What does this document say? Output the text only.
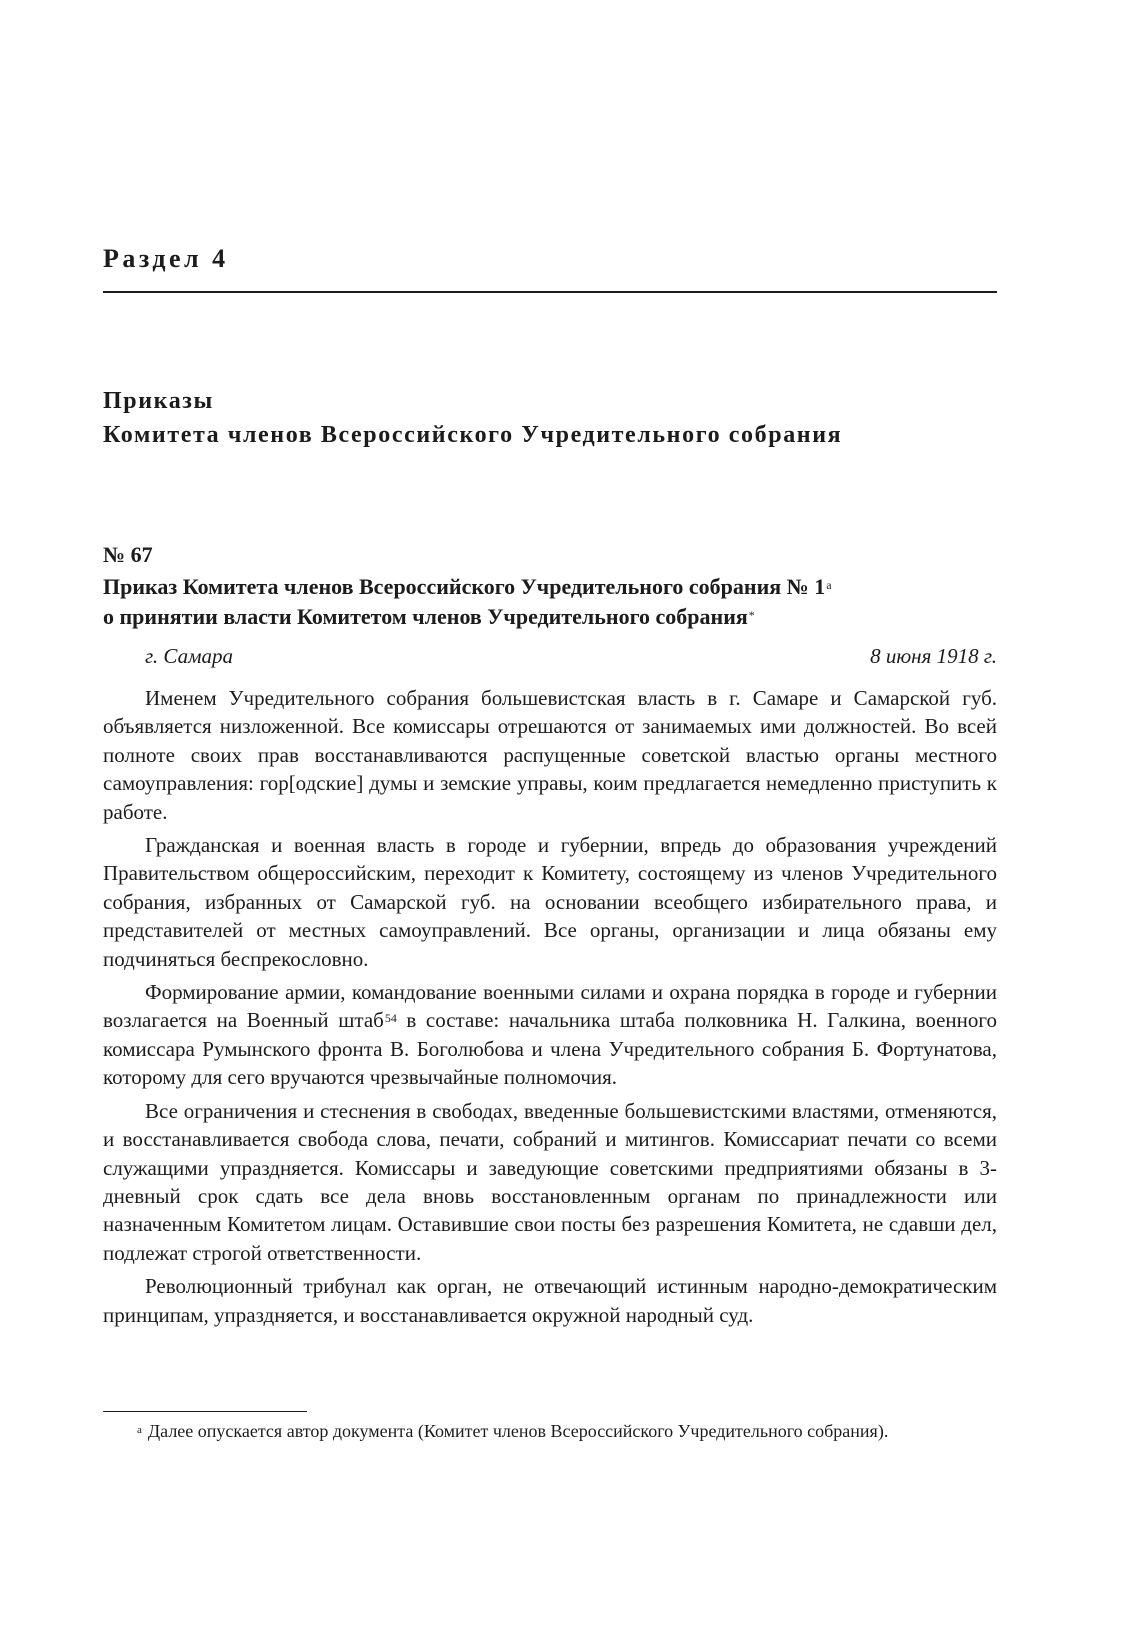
Раздел 4
Приказы
Комитета членов Всероссийского Учредительного собрания
№ 67
Приказ Комитета членов Всероссийского Учредительного собрания № $1^а$
о принятии власти Комитетом членов Учредительного собрания*
г. Самара	8 июня 1918 г.

Именем Учредительного собрания большевистская власть в г. Самаре и Самарской губ. объявляется низложенной. Все комиссары отрешаются от занимаемых ими должностей. Во всей полноте своих прав восстанавливаются распущенные советской властью органы местного самоуправления: гор[одские] думы и земские управы, коим предлагается немедленно приступить к работе.

Гражданская и военная власть в городе и губернии, впредь до образования учреждений Правительством общероссийским, переходит к Комитету, состоящему из членов Учредительного собрания, избранных от Самарской губ. на основании всеобщего избирательного права, и представителей от местных самоуправлений. Все органы, организации и лица обязаны ему подчиняться беспрекословно.

Формирование армии, командование военными силами и охрана порядка в городе и губернии возлагается на Военный штаб$^{54}$ в составе: начальника штаба полковника Н. Галкина, военного комиссара Румынского фронта В. Боголюбова и члена Учредительного собрания Б. Фортунатова, которому для сего вручаются чрезвычайные полномочия.

Все ограничения и стеснения в свободах, введенные большевистскими властями, отменяются, и восстанавливается свобода слова, печати, собраний и митингов. Комиссариат печати со всеми служащими упраздняется. Комиссары и заведующие советскими предприятиями обязаны в 3-дневный срок сдать все дела вновь восстановленным органам по принадлежности или назначенным Комитетом лицам. Оставившие свои посты без разрешения Комитета, не сдавши дел, подлежат строгой ответственности.

Революционный трибунал как орган, не отвечающий истинным народно-демократическим принципам, упраздняется, и восстанавливается окружной народный суд.

$^а$ Далее опускается автор документа (Комитет членов Всероссийского Учредительного собрания).
